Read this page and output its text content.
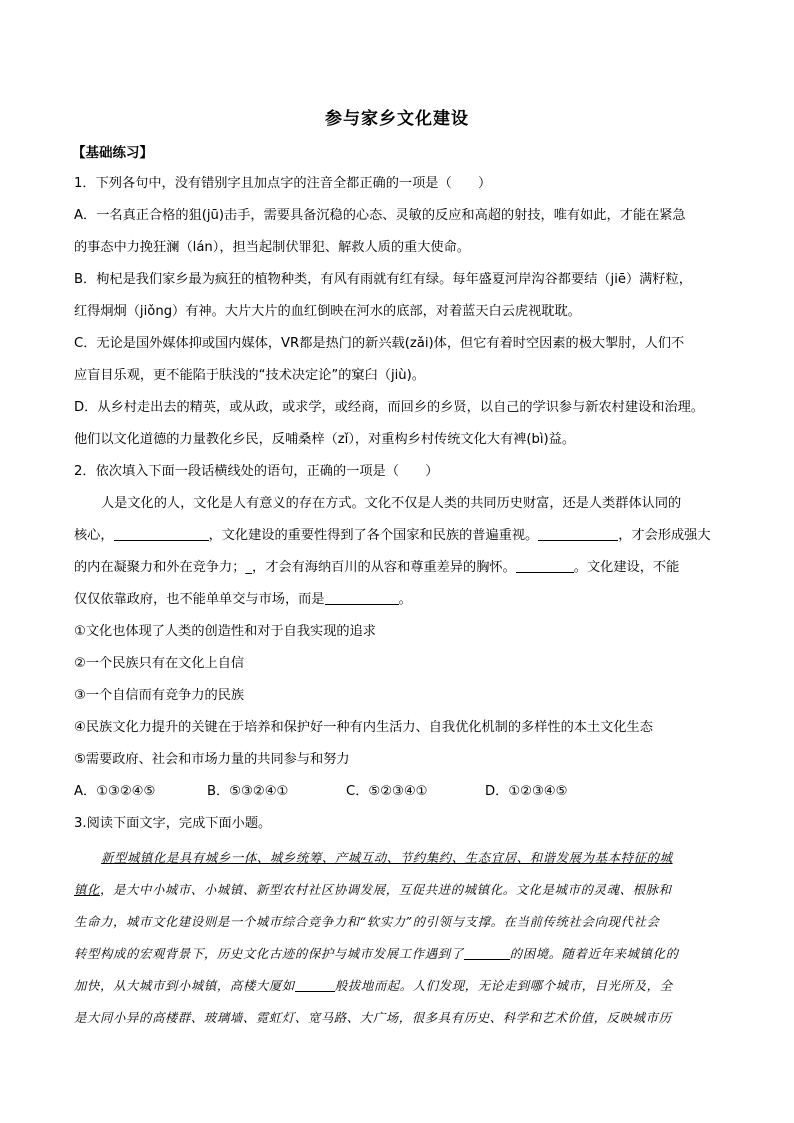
参与家乡文化建设
【基础练习】
1．下列各句中，没有错别字且加点字的注音全都正确的一项是（　　）
A．一名真正合格的狙(jū)击手，需要具备沉稳的心态、灵敏的反应和高超的射技，唯有如此，才能在紧急
的事态中力挽狂澜（lán），担当起制伏罪犯、解救人质的重大使命。
B．枸杞是我们家乡最为疯狂的植物种类，有风有雨就有红有绿。每年盛夏河岸沟谷都要结（jiē）满籽粒，
红得炯炯（jiǒng）有神。大片大片的血红倒映在河水的底部，对着蓝天白云虎视耽耽。
C．无论是国外媒体抑或国内媒体，VR都是热门的新兴载(zǎi)体，但它有着时空因素的极大掣肘，人们不
应盲目乐观，更不能陷于肤浅的“技术决定论”的窠臼（jiù)。
D．从乡村走出去的精英，或从政，或求学，或经商，而回乡的乡贤，以自己的学识参与新农村建设和治理。
他们以文化道德的力量教化乡民，反哺桑梓（zǐ），对重构乡村传统文化大有裨(bì)益。
2．依次填入下面一段话横线处的语句，正确的一项是（　　）
人是文化的人，文化是人有意义的存在方式。文化不仅是人类的共同历史财富，还是人类群体认同的
核心，	，文化建设的重要性得到了各个国家和民族的普遍重视。	，才会形成强大
的内在凝聚力和外在竞争力；_，才会有海纳百川的从容和尊重差异的胸怀。	。文化建设，不能
仅仅依靠政府，也不能单单交与市场，而是	。
①文化也体现了人类的创造性和对于自我实现的追求
②一个民族只有在文化上自信
③一个自信而有竞争力的民族
④民族文化力提升的关键在于培养和保护好一种有内生活力、自我优化机制的多样性的本土文化生态
⑤需要政府、社会和市场力量的共同参与和努力
A．①③②④⑤	B．⑤③②④①	C．⑤②③④①	D．①②③④⑤
3.阅读下面文字，完成下面小题。
新型城镇化是具有城乡一体、城乡统筹、产城互动、节约集约、生态宜居、和谐发展为基本特征的城
镇化，是大中小城市、小城镇、新型农村社区协调发展，互促共进的城镇化。文化是城市的灵魂、根脉和
生命力，城市文化建设则是一个城市综合竞争力和“软实力”的引领与支撑。在当前传统社会向现代社会
转型构成的宏观背景下，历史文化古迹的保护与城市发展工作遇到了	的困境。随着近年来城镇化的
加快，从大城市到小城镇，高楼大厦如	般拔地而起。人们发现，无论走到哪个城市，目光所及，全
是大同小异的高楼群、玻璃墙、霓虹灯、宽马路、大广场，很多具有历史、科学和艺术价值，反映城市历
